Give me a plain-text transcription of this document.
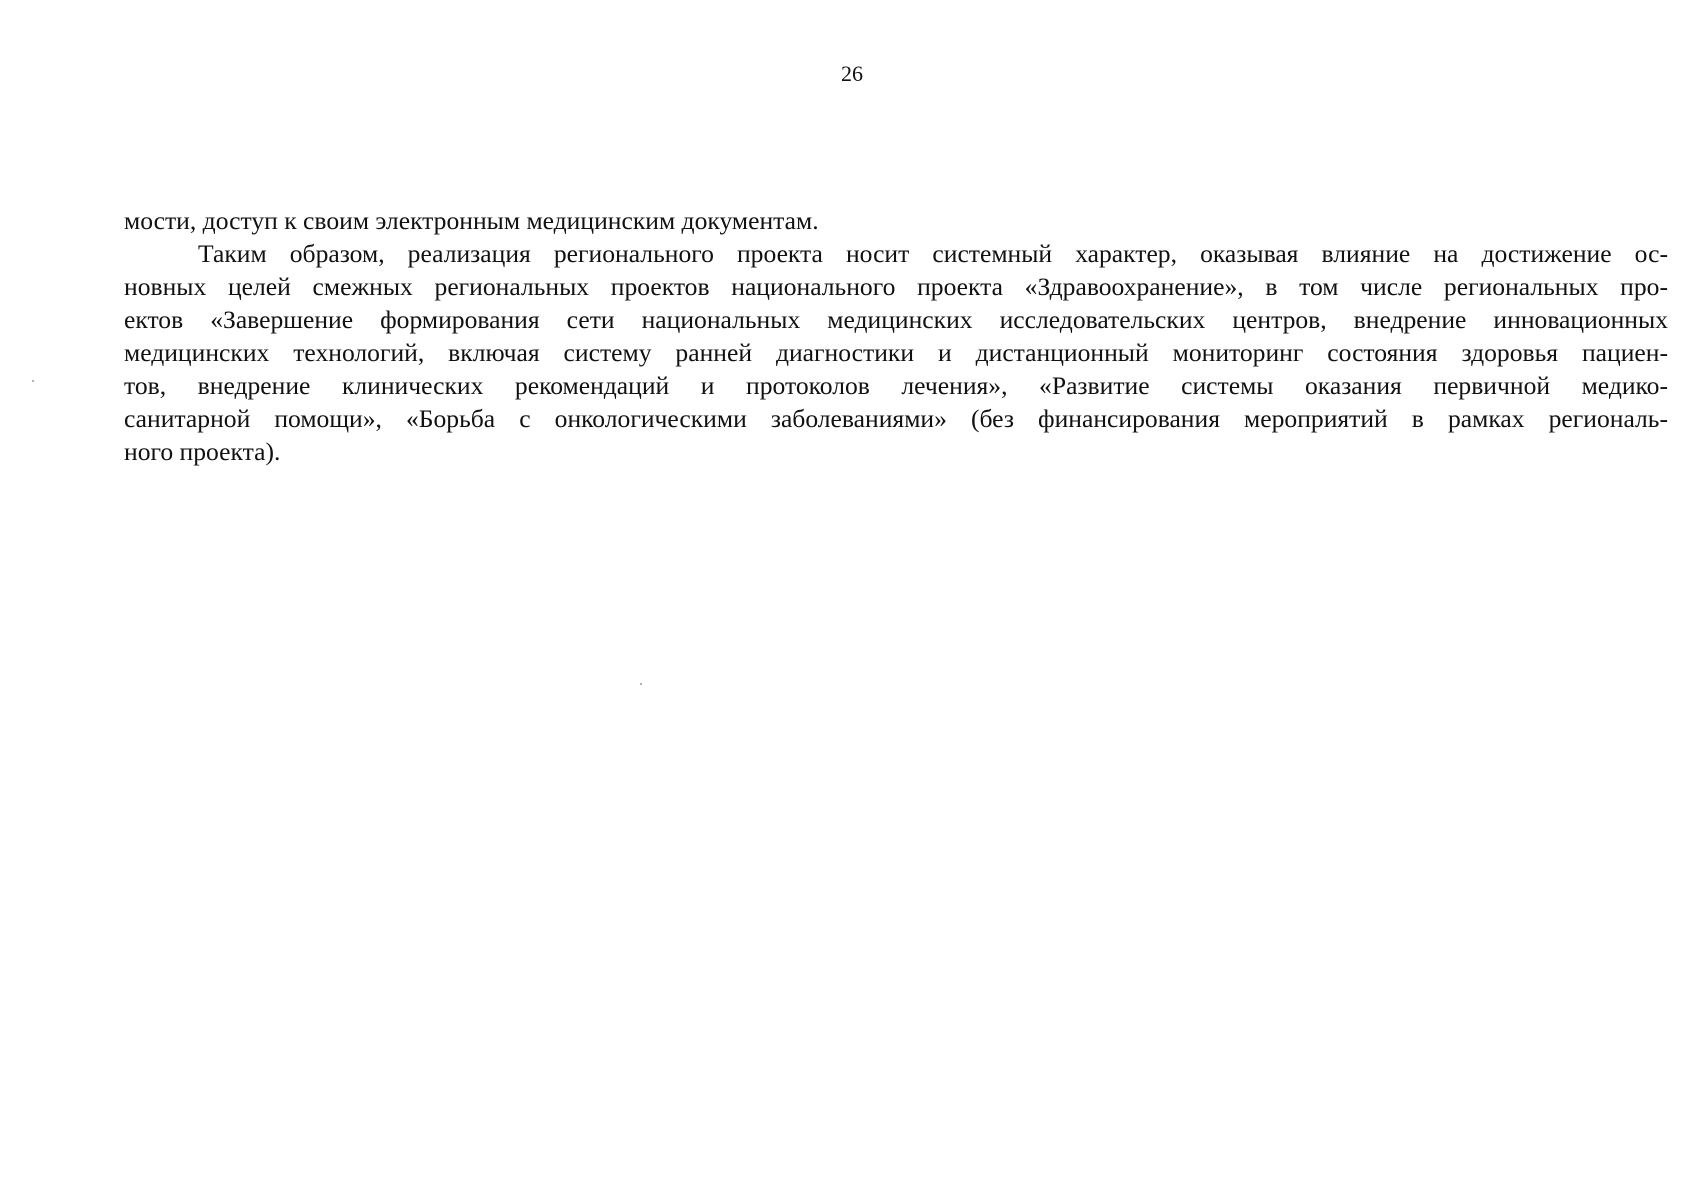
26
мости, доступ к своим электронным медицинским документам.
Таким образом, реализация регионального проекта носит системный характер, оказывая влияние на достижение ос-
новных целей смежных региональных проектов национального проекта «Здравоохранение», в том числе региональных про-
ектов «Завершение формирования сети национальных медицинских исследовательских центров, внедрение инновационных
медицинских технологий, включая систему ранней диагностики и дистанционный мониторинг состояния здоровья пациен-
тов, внедрение клинических рекомендаций и протоколов лечения», «Развитие системы оказания первичной медико-
санитарной помощи», «Борьба с онкологическими заболеваниями» (без финансирования мероприятий в рамках региональ-
ного проекта).
